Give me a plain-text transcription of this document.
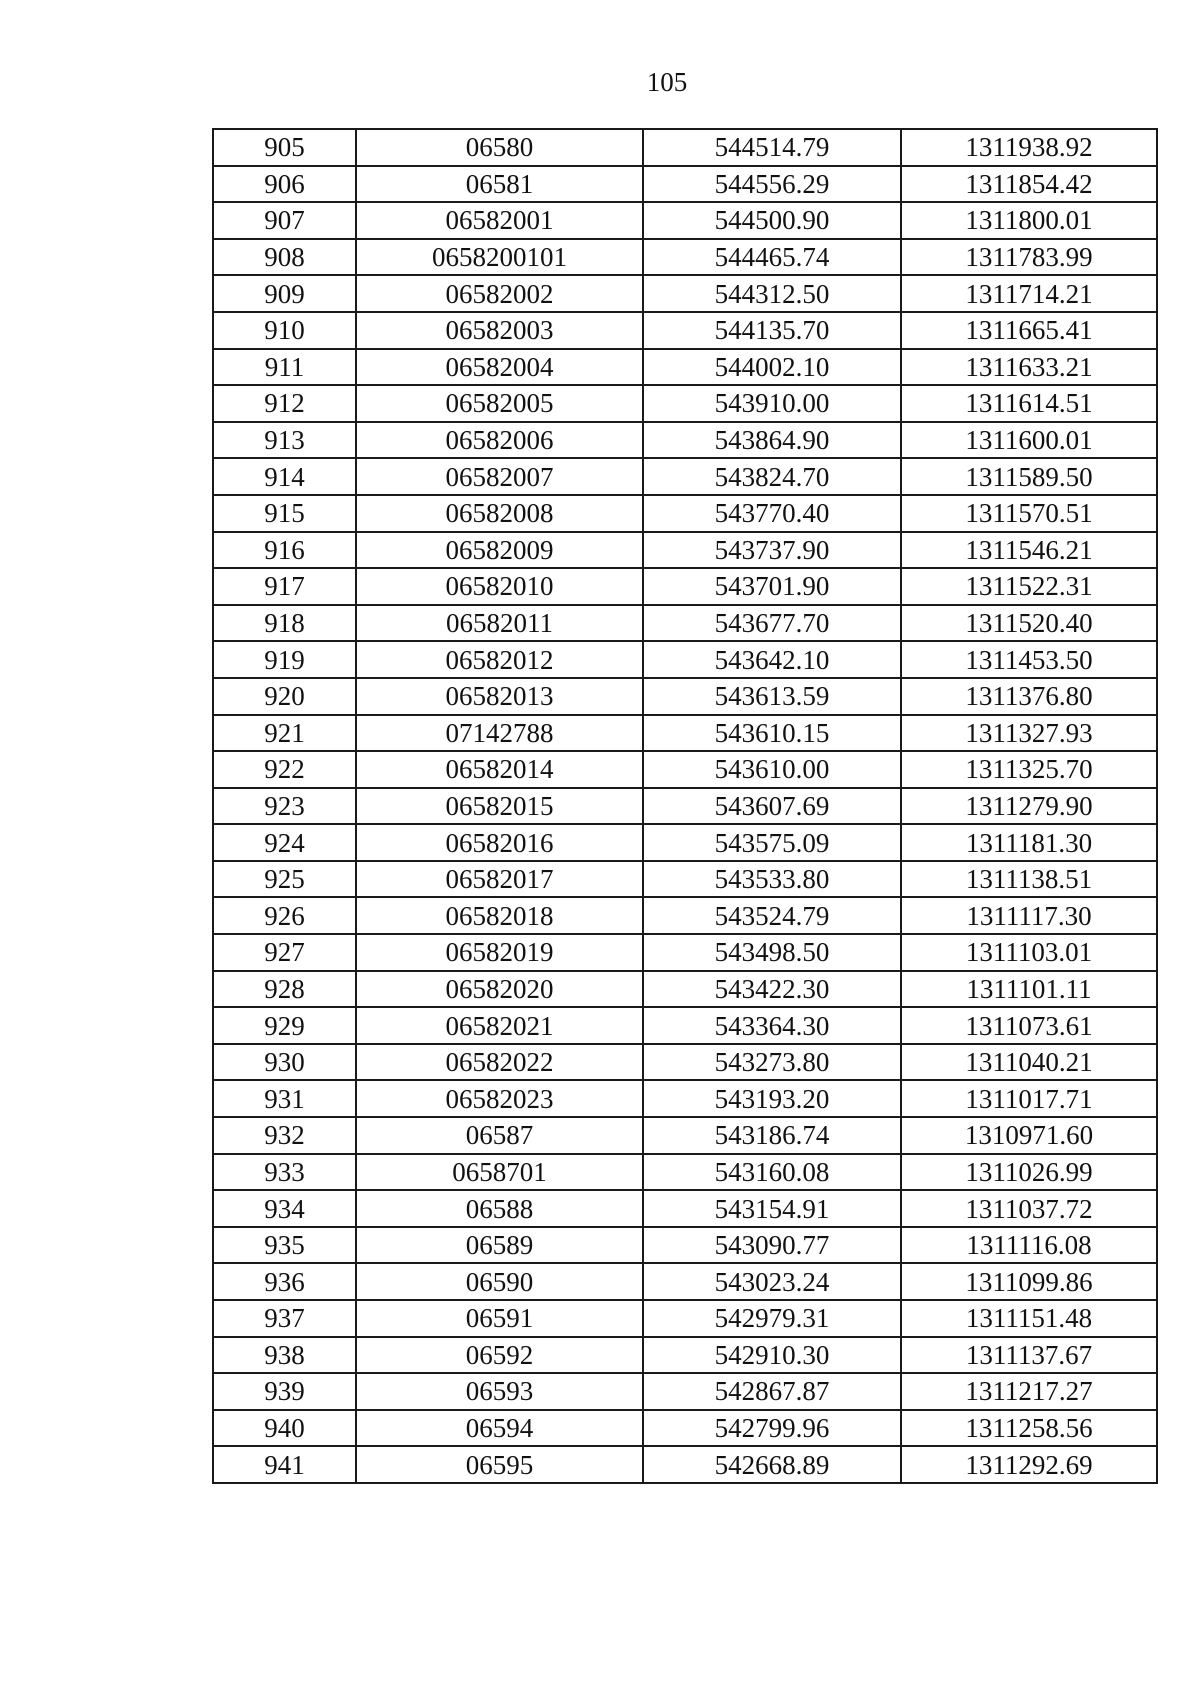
105
905	06580	544514.79	1311938.92
906	06581	544556.29	1311854.42
907	06582001	544500.90	1311800.01
908	0658200101	544465.74	1311783.99
909	06582002	544312.50	1311714.21
910	06582003	544135.70	1311665.41
911	06582004	544002.10	1311633.21
912	06582005	543910.00	1311614.51
913	06582006	543864.90	1311600.01
914	06582007	543824.70	1311589.50
915	06582008	543770.40	1311570.51
916	06582009	543737.90	1311546.21
917	06582010	543701.90	1311522.31
918	06582011	543677.70	1311520.40
919	06582012	543642.10	1311453.50
920	06582013	543613.59	1311376.80
921	07142788	543610.15	1311327.93
922	06582014	543610.00	1311325.70
923	06582015	543607.69	1311279.90
924	06582016	543575.09	1311181.30
925	06582017	543533.80	1311138.51
926	06582018	543524.79	1311117.30
927	06582019	543498.50	1311103.01
928	06582020	543422.30	1311101.11
929	06582021	543364.30	1311073.61
930	06582022	543273.80	1311040.21
931	06582023	543193.20	1311017.71
932	06587	543186.74	1310971.60
933	0658701	543160.08	1311026.99
934	06588	543154.91	1311037.72
935	06589	543090.77	1311116.08
936	06590	543023.24	1311099.86
937	06591	542979.31	1311151.48
938	06592	542910.30	1311137.67
939	06593	542867.87	1311217.27
940	06594	542799.96	1311258.56
941	06595	542668.89	1311292.69
